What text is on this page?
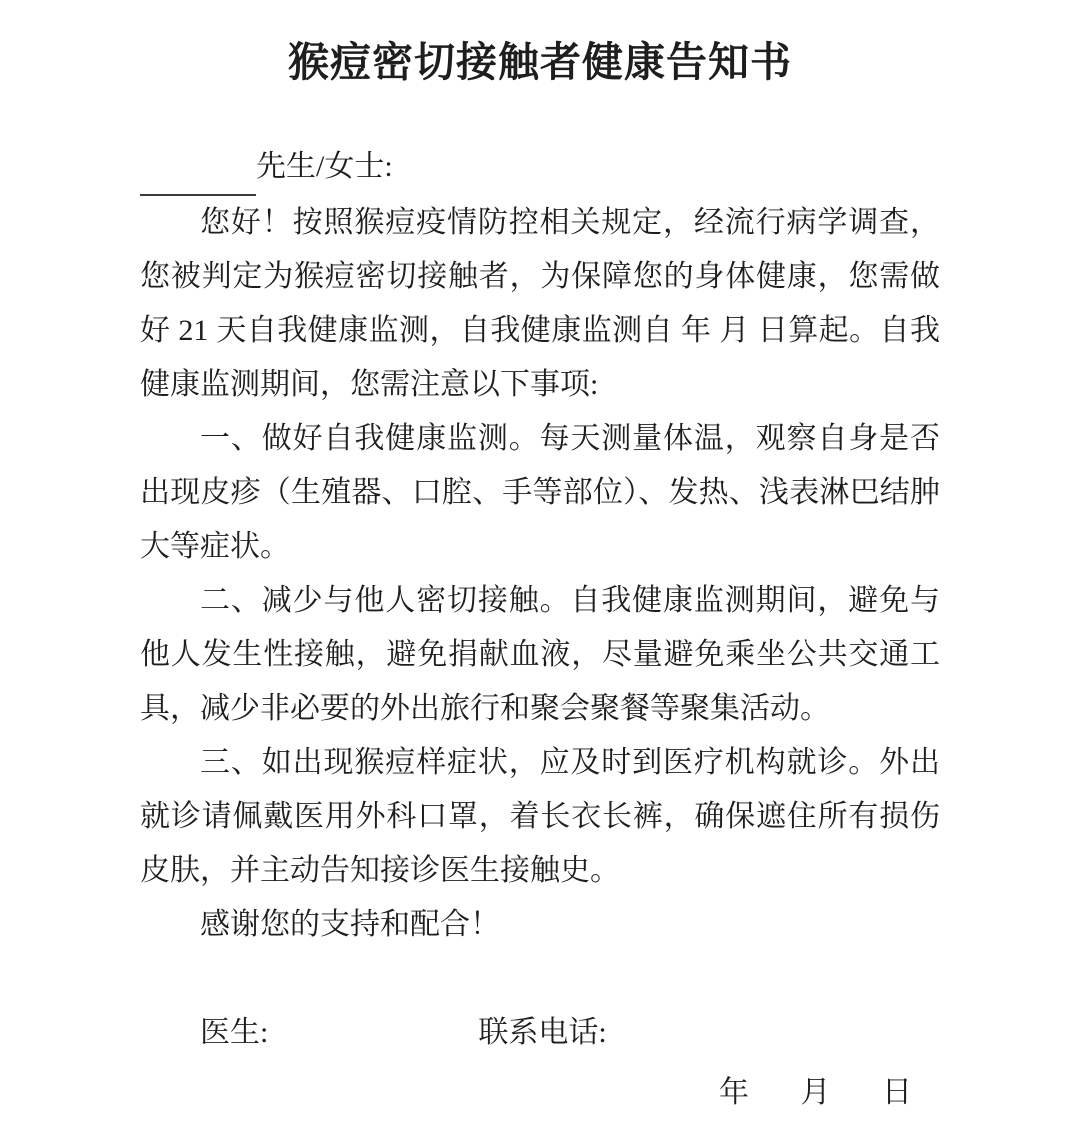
猴痘密切接触者健康告知书
先生/女士:

您好！按照猴痘疫情防控相关规定，经流行病学调查，您被判定为猴痘密切接触者，为保障您的身体健康，您需做好 21 天自我健康监测，自我健康监测自 年 月 日算起。自我健康监测期间，您需注意以下事项:

一、做好自我健康监测。每天测量体温，观察自身是否出现皮疹（生殖器、口腔、手等部位）、发热、浅表淋巴结肿大等症状。

二、减少与他人密切接触。自我健康监测期间，避免与他人发生性接触，避免捐献血液，尽量避免乘坐公共交通工具，减少非必要的外出旅行和聚会聚餐等聚集活动。

三、如出现猴痘样症状，应及时到医疗机构就诊。外出就诊请佩戴医用外科口罩，着长衣长裤，确保遮住所有损伤皮肤，并主动告知接诊医生接触史。

感谢您的支持和配合！

医生:	联系电话:
年 月 日
